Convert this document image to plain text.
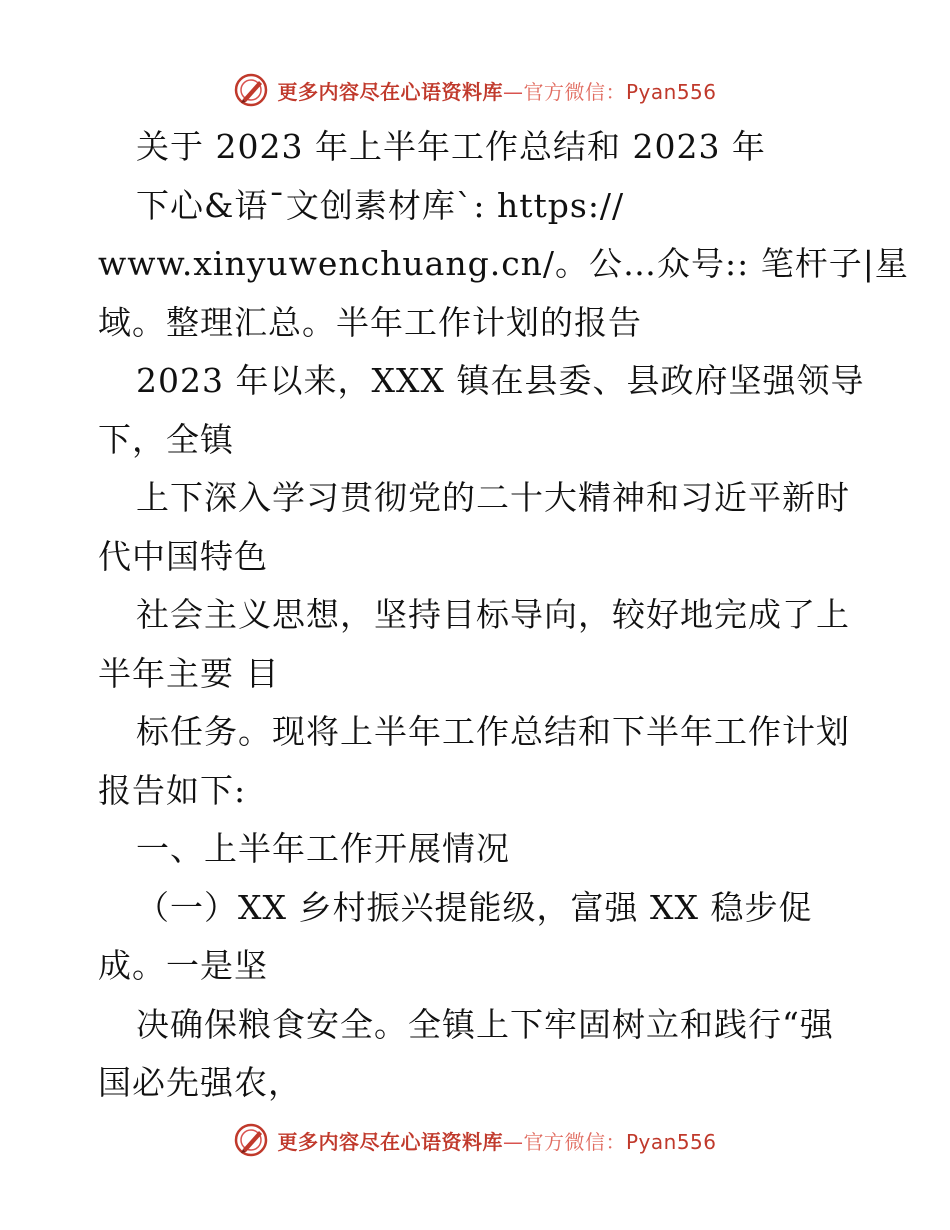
更多内容尽在心语资料库—官方微信：Pyan556
关于 2023 年上半年工作总结和 2023 年
下心&语¯文创素材库`: https://
www.xinyuwenchuang.cn/。公…众号:: 笔杆子|星
域。整理汇总。半年工作计划的报告
2023 年以来，XXX 镇在县委、县政府坚强领导
下，全镇
上下深入学习贯彻党的二十大精神和习近平新时
代中国特色
社会主义思想，坚持目标导向，较好地完成了上
半年主要 目
标任务。现将上半年工作总结和下半年工作计划
报告如下:
一、上半年工作开展情况
（一）XX 乡村振兴提能级，富强 XX 稳步促
成。一是坚
决确保粮食安全。全镇上下牢固树立和践行“强
国必先强农，
更多内容尽在心语资料库—官方微信：Pyan556
